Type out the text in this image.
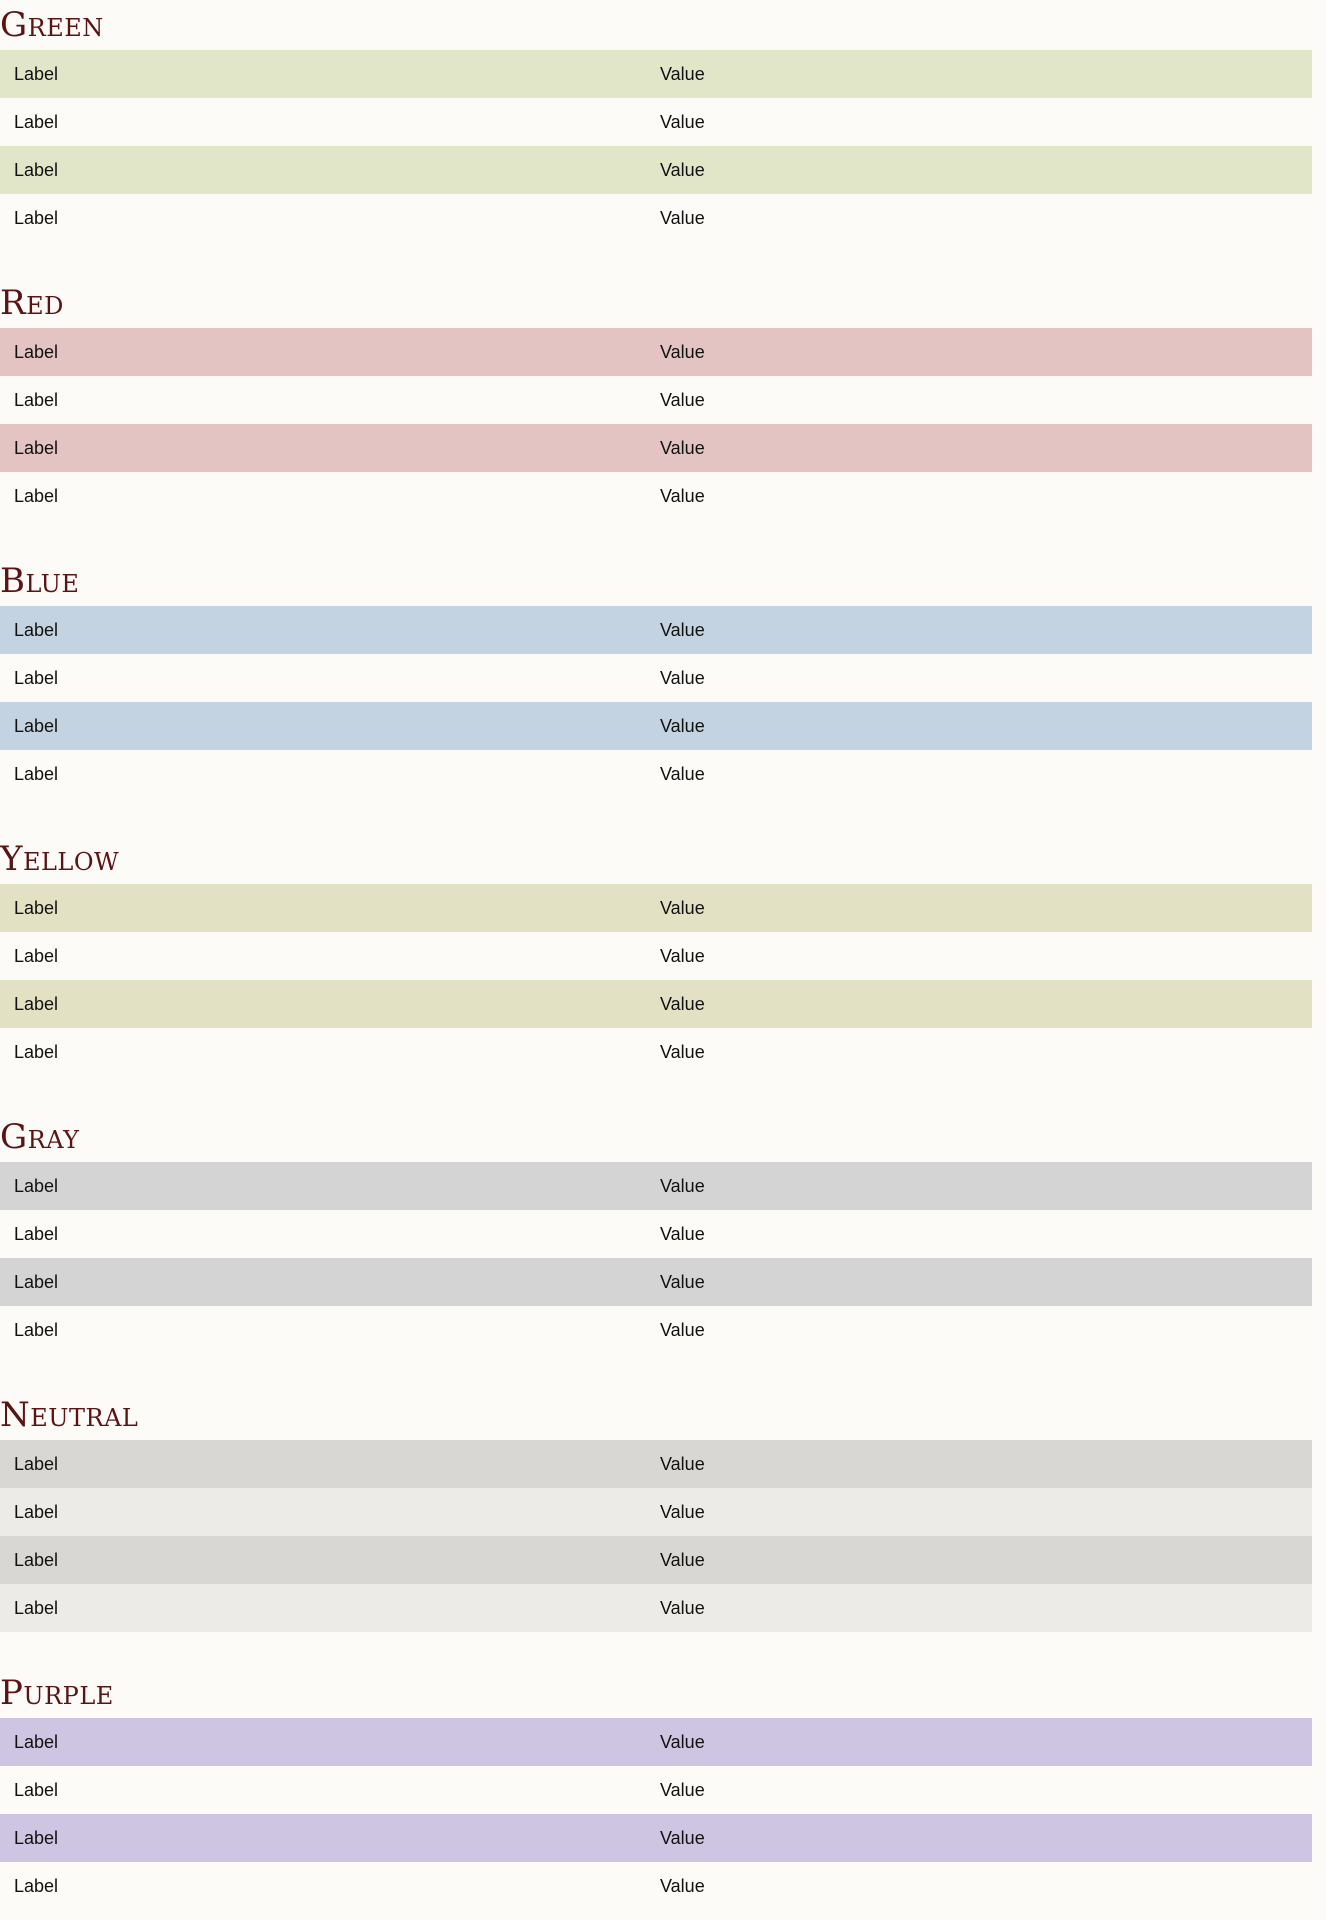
Green
Label	Value
Label	Value
Label	Value
Label	Value
Red
Label	Value
Label	Value
Label	Value
Label	Value
Blue
Label	Value
Label	Value
Label	Value
Label	Value
Yellow
Label	Value
Label	Value
Label	Value
Label	Value
Gray
Label	Value
Label	Value
Label	Value
Label	Value
Neutral
Label	Value
Label	Value
Label	Value
Label	Value
Purple
Label	Value
Label	Value
Label	Value
Label	Value
